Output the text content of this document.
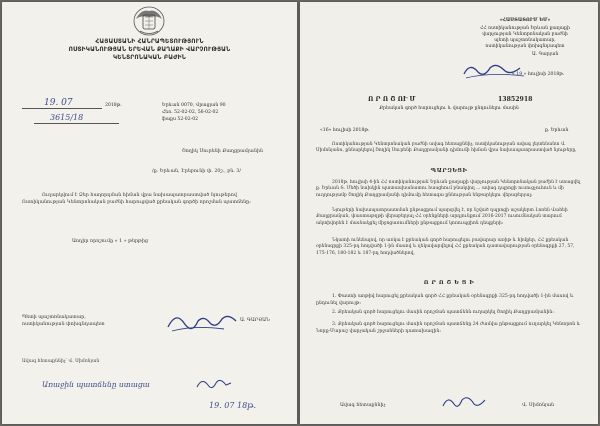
ՀԱՅԱՍՏԱՆԻ ՀԱՆՐԱՊԵՏՈՒԹՅՈՒՆ
ՈՍՏԻԿԱՆՈՒԹՅԱՆ ԵՐԵՎԱՆ ՔԱՂԱՔԻ ՎԱՐՉՈՒԹՅԱՆ
ԿԵՆՏՐՈՆԱԿԱՆ ԲԱԺԻՆ
19. 07	2018թ.
3615/18
Երևան 0070, Վրացյան 90
Հեռ. 52-02-02, 56-02-02
ֆաքս 52-02-02
Շողիկ Սուրենի Քաղցրամյանին
/ք. Երևան, Էրեբունի փ. 20շ., բն. 3/
Ուղարկվում է Ձեր հաղորդման հիման վրա նախապատրաստված նյութերով Ոստիկանության Կենտրոնական բաժնի հարուցված քրեական գործի որոշման պատճենը:
Առդիր որոշումը « 1 » թերթից
Պետի պաշտոնակատար,
ոստիկանության փոխգնդապետ
Ա. ԳԱՐՅԱՆ
Ավագ հետաքննիչ՝ Վ. Սիմոնյան
Առաջին պատճենը ստացա
19. 07 18թ.
«ՀԱՍՏԱՏՈՒՄ ԵՄ»
ՀՀ ոստիկանության Երևան քաղաքի
վարչության Կենտրոնական բաժնի
պետի պաշտոնակատար,
ոստիկանության փոխգնդապետ
Ա. Գարյան
« 19 » հուլիսի 2018թ.
Ո Ր Ո Շ ՈՒ Մ	13852918
Քրեական գործ հարուցելու և վարույթ ընդունելու մասին
«16» հուլիսի 2018թ.	ք. Երևան
Ոստիկանության Կենտրոնական բաժնի ավագ հետաքննիչ, ոստիկանության ավագ լեյտենանտ Վ. Սիմոնյանս, քննարկելով Շողիկ Սուրենի Քաղցրամյանի դիմումի հիման վրա նախապատրաստված նյութերը,
ՊԱՐԶԵՑԻ
2018թ. հուլիսի 4-ին ՀՀ ոստիկանության Երևան քաղաքի վարչության Կենտրոնական բաժին է ստացվել ք. Երևան Տ. Մեծի նախկին պատասխանատու հասցեում բնակվող ... ավագ դպրոցի ուսուցչուհուն և մի ուղղությամբ Շողիկ Քաղցրամյանի դիմումը հետագա քննության ենթարկելու վերաբերյալ:
Նյութերի նախապատրաստման ընթացքում պարզվել է, որ նշված դպրոցի աշակերտ Լոռեն Վահեի Քաղցրամյան, փաստաթղթի վերաբերյալ ՀՀ օրենքների արդյունքում 2016-2017 ուսումնական տարում ակտիվորեն է մասնակցել միջոցառումների ընթացքում կոռուպցիոն դեպքերի:
Նկատի ունենալով, որ առկա է քրեական գործ հարուցելու բավարար առիթ և հիմքեր, ՀՀ քրեական օրենսգրքի 325-րդ հոդվածի 1-ին մասով և ղեկավարվելով ՀՀ քրեական դատավարության օրենսգրքի 27, 57, 175-176, 180-182 և 187-րդ հոդվածներով,
Ո Ր Ո Շ Ե Ց Ի
1. Փաստի առթիվ հարուցել քրեական գործ ՀՀ քրեական օրենսգրքի 325-րդ հոդվածի 1-ին մասով և ընդունել վարույթ:
2. Քրեական գործ հարուցելու մասին որոշման պատճենն ուղարկել Շողիկ Քաղցրամյանին:
3. Քրեական գործ հարուցելու մասին որոշման պատճենը 24 ժամվա ընթացքում ուղարկել Կենտրոն և Նորք-Մարաշ վարչական շրջանների դատախազին:
Ավագ հետաքննիչ	Վ. Սիմոնյան
